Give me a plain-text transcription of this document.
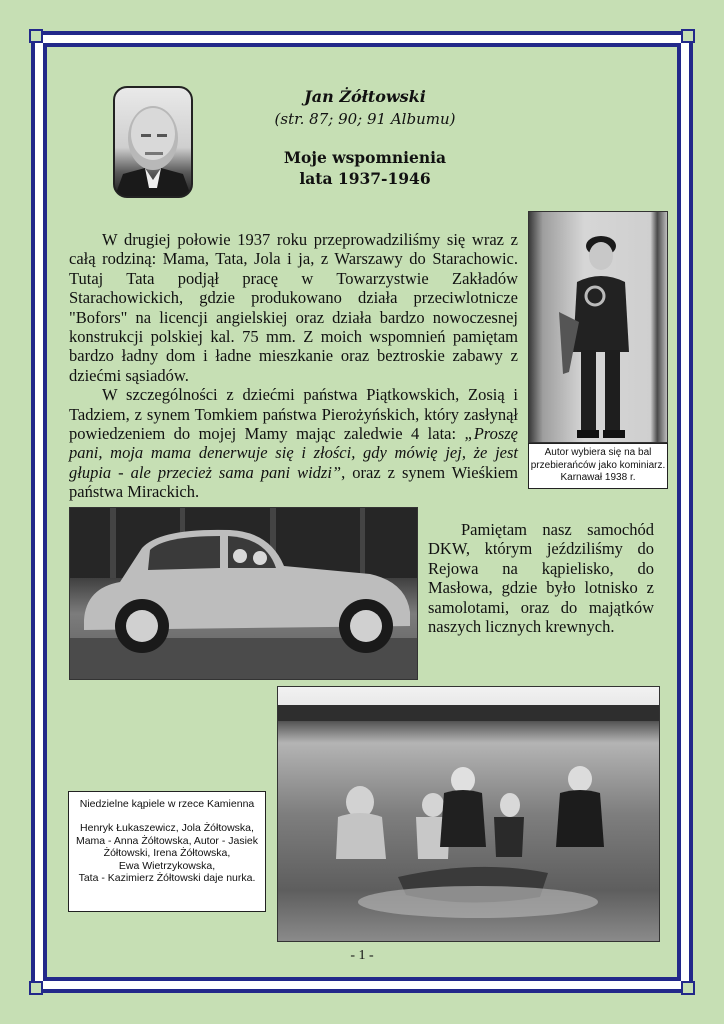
Jan Żółtowski
(str. 87; 90; 91 Albumu)
Moje wspomnienia
lata 1937-1946

W drugiej połowie 1937 roku przeprowadziliśmy się wraz z całą rodziną: Mama, Tata, Jola i ja, z Warszawy do Starachowic. Tutaj Tata podjął pracę w Towarzystwie Zakładów Starachowickich, gdzie produkowano działa przeciwlotnicze "Bofors" na licencji angielskiej oraz działa bardzo nowoczesnej konstrukcji polskiej kal. 75 mm. Z moich wspomnień pamiętam bardzo ładny dom i ładne mieszkanie oraz beztroskie zabawy z dziećmi sąsiadów.

W szczególności z dziećmi państwa Piątkowskich, Zosią i Tadziem, z synem Tomkiem państwa Pierożyńskich, który zasłynął powiedzeniem do mojej Mamy mając zaledwie 4 lata: „Proszę pani, moja mama denerwuje się i złości, gdy mówię jej, że jest głupia - ale przecież sama pani widzi”, oraz z synem Wieśkiem państwa Mirackich.

Autor wybiera się na bal
przebierańców jako kominiarz.
Karnawał 1938 r.

Pamiętam nasz samochód DKW, którym jeździliśmy do Rejowa na kąpielisko, do Masłowa, gdzie było lotnisko z samolotami, oraz do majątków naszych licznych krewnych.

Niedzielne kąpiele w rzece Kamienna
Henryk Łukaszewicz, Jola Żółtowska,
Mama - Anna Żółtowska, Autor - Jasiek
Żółtowski, Irena Żółtowska,
Ewa Wietrzykowska,
Tata - Kazimierz Żółtowski daje nurka.
- 1 -
